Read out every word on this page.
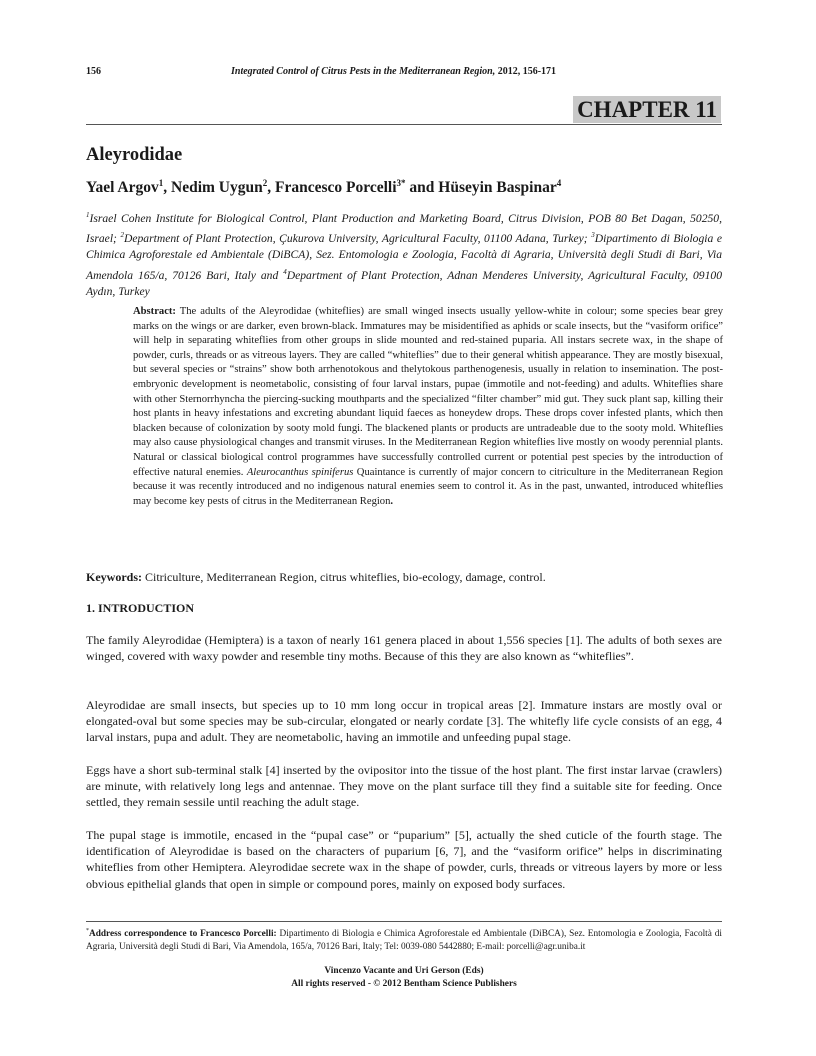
156	Integrated Control of Citrus Pests in the Mediterranean Region, 2012, 156-171
CHAPTER 11
Aleyrodidae
Yael Argov$^1$, Nedim Uygun$^2$, Francesco Porcelli$^{3*}$ and Hüseyin Baspinar$^4$
$^1$Israel Cohen Institute for Biological Control, Plant Production and Marketing Board, Citrus Division, POB 80 Bet Dagan, 50250, Israel; $^2$Department of Plant Protection, Çukurova University, Agricultural Faculty, 01100 Adana, Turkey; $^3$Dipartimento di Biologia e Chimica Agroforestale ed Ambientale (DiBCA), Sez. Entomologia e Zoologia, Facoltà di Agraria, Università degli Studi di Bari, Via Amendola 165/a, 70126 Bari, Italy and $^4$Department of Plant Protection, Adnan Menderes University, Agricultural Faculty, 09100 Aydın, Turkey
Abstract: The adults of the Aleyrodidae (whiteflies) are small winged insects usually yellow-white in colour; some species bear grey marks on the wings or are darker, even brown-black. Immatures may be misidentified as aphids or scale insects, but the “vasiform orifice” will help in separating whiteflies from other groups in slide mounted and red-stained puparia. All instars secrete wax, in the shape of powder, curls, threads or as vitreous layers. They are called “whiteflies” due to their general whitish appearance. They are mostly bisexual, but several species or “strains” show both arrhenotokous and thelytokous parthenogenesis, usually in relation to insemination. The post-embryonic development is neometabolic, consisting of four larval instars, pupae (immotile and not-feeding) and adults. Whiteflies share with other Sternorrhyncha the piercing-sucking mouthparts and the specialized “filter chamber” mid gut. They suck plant sap, killing their host plants in heavy infestations and excreting abundant liquid faeces as honeydew drops. These drops cover infested plants, which then blacken because of colonization by sooty mold fungi. The blackened plants or products are untradeable due to the sooty mold. Whiteflies may also cause physiological changes and transmit viruses. In the Mediterranean Region whiteflies live mostly on woody perennial plants. Natural or classical biological control programmes have successfully controlled current or potential pest species by the introduction of effective natural enemies. Aleurocanthus spiniferus Quaintance is currently of major concern to citriculture in the Mediterranean Region because it was recently introduced and no indigenous natural enemies seem to control it. As in the past, unwanted, introduced whiteflies may become key pests of citrus in the Mediterranean Region.
Keywords: Citriculture, Mediterranean Region, citrus whiteflies, bio-ecology, damage, control.
1. INTRODUCTION
The family Aleyrodidae (Hemiptera) is a taxon of nearly 161 genera placed in about 1,556 species [1]. The adults of both sexes are winged, covered with waxy powder and resemble tiny moths. Because of this they are also known as “whiteflies”.
Aleyrodidae are small insects, but species up to 10 mm long occur in tropical areas [2]. Immature instars are mostly oval or elongated-oval but some species may be sub-circular, elongated or nearly cordate [3]. The whitefly life cycle consists of an egg, 4 larval instars, pupa and adult. They are neometabolic, having an immotile and unfeeding pupal stage.
Eggs have a short sub-terminal stalk [4] inserted by the ovipositor into the tissue of the host plant. The first instar larvae (crawlers) are minute, with relatively long legs and antennae. They move on the plant surface till they find a suitable site for feeding. Once settled, they remain sessile until reaching the adult stage.
The pupal stage is immotile, encased in the “pupal case” or “puparium” [5], actually the shed cuticle of the fourth stage. The identification of Aleyrodidae is based on the characters of puparium [6, 7], and the “vasiform orifice” helps in discriminating whiteflies from other Hemiptera. Aleyrodidae secrete wax in the shape of powder, curls, threads or vitreous layers by more or less obvious epithelial glands that open in simple or compound pores, mainly on exposed body surfaces.
*Address correspondence to Francesco Porcelli: Dipartimento di Biologia e Chimica Agroforestale ed Ambientale (DiBCA), Sez. Entomologia e Zoologia, Facoltà di Agraria, Università degli Studi di Bari, Via Amendola, 165/a, 70126 Bari, Italy; Tel: 0039-080 5442880; E-mail: porcelli@agr.uniba.it
Vincenzo Vacante and Uri Gerson (Eds)
All rights reserved - © 2012 Bentham Science Publishers
